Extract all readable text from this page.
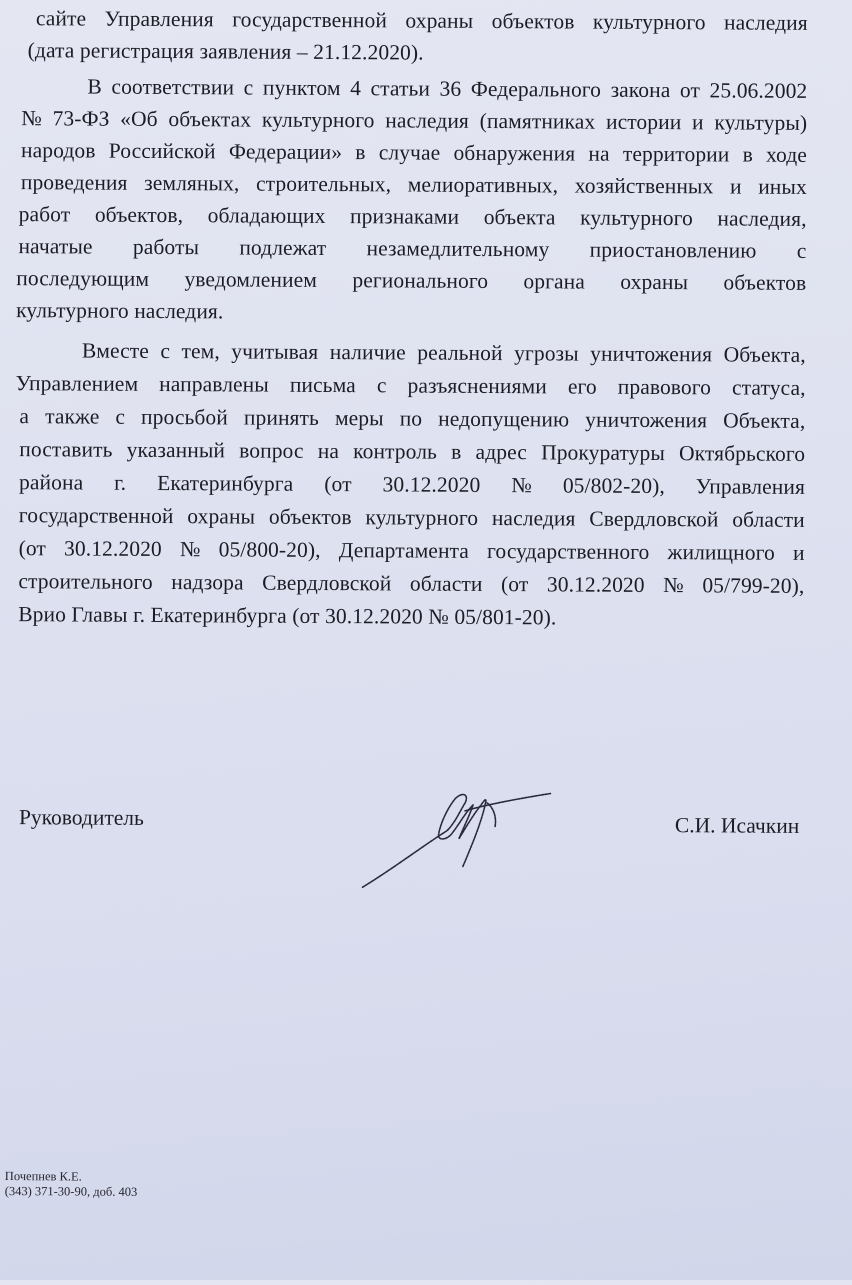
сайте Управления государственной охраны объектов культурного наследия
(дата регистрация заявления – 21.12.2020).
В соответствии с пунктом 4 статьи 36 Федерального закона от 25.06.2002
№ 73-ФЗ «Об объектах культурного наследия (памятниках истории и культуры)
народов Российской Федерации» в случае обнаружения на территории в ходе
проведения земляных, строительных, мелиоративных, хозяйственных и иных
работ объектов, обладающих признаками объекта культурного наследия,
начатые работы подлежат незамедлительному приостановлению с
последующим уведомлением регионального органа охраны объектов
культурного наследия.
Вместе с тем, учитывая наличие реальной угрозы уничтожения Объекта,
Управлением направлены письма с разъяснениями его правового статуса,
а также с просьбой принять меры по недопущению уничтожения Объекта,
поставить указанный вопрос на контроль в адрес Прокуратуры Октябрьского
района г. Екатеринбурга (от 30.12.2020 № 05/802-20), Управления
государственной охраны объектов культурного наследия Свердловской области
(от 30.12.2020 № 05/800-20), Департамента государственного жилищного и
строительного надзора Свердловской области (от 30.12.2020 № 05/799-20),
Врио Главы г. Екатеринбурга (от 30.12.2020 № 05/801-20).
Руководитель	С.И. Исачкин
Почепнев К.Е.
(343) 371-30-90, доб. 403
